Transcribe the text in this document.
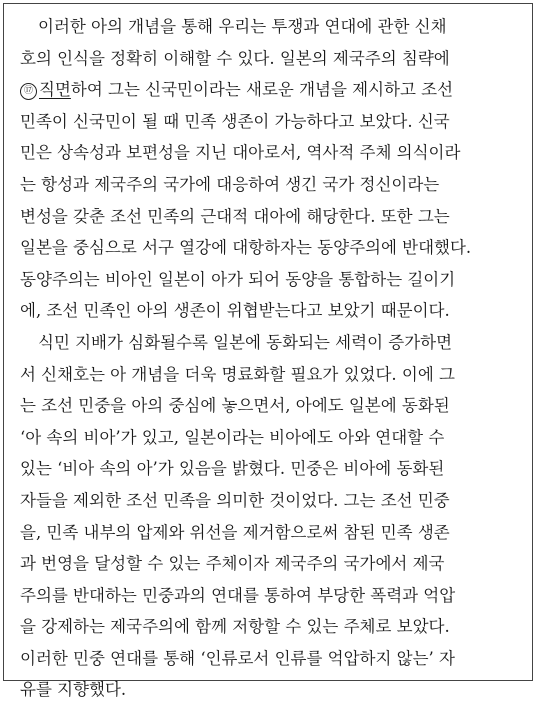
이러한 아의 개념을 통해 우리는 투쟁과 연대에 관한 신채
호의 인식을 정확히 이해할 수 있다. 일본의 제국주의 침략에
⑰ 직면하여 그는 신국민이라는 새로운 개념을 제시하고 조선
민족이 신국민이 될 때 민족 생존이 가능하다고 보았다. 신국
민은 상속성과 보편성을 지닌 대아로서, 역사적 주체 의식이라
는 항성과 제국주의 국가에 대응하여 생긴 국가 정신이라는
변성을 갖춘 조선 민족의 근대적 대아에 해당한다. 또한 그는
일본을 중심으로 서구 열강에 대항하자는 동양주의에 반대했다.
동양주의는 비아인 일본이 아가 되어 동양을 통합하는 길이기
에, 조선 민족인 아의 생존이 위협받는다고 보았기 때문이다.
식민 지배가 심화될수록 일본에 동화되는 세력이 증가하면
서 신채호는 아 개념을 더욱 명료화할 필요가 있었다. 이에 그
는 조선 민중을 아의 중심에 놓으면서, 아에도 일본에 동화된
‘아 속의 비아’가 있고, 일본이라는 비아에도 아와 연대할 수
있는 ‘비아 속의 아’가 있음을 밝혔다. 민중은 비아에 동화된
자들을 제외한 조선 민족을 의미한 것이었다. 그는 조선 민중
을, 민족 내부의 압제와 위선을 제거함으로써 참된 민족 생존
과 번영을 달성할 수 있는 주체이자 제국주의 국가에서 제국
주의를 반대하는 민중과의 연대를 통하여 부당한 폭력과 억압
을 강제하는 제국주의에 함께 저항할 수 있는 주체로 보았다.
이러한 민중 연대를 통해 ‘인류로서 인류를 억압하지 않는’ 자
유를 지향했다.
